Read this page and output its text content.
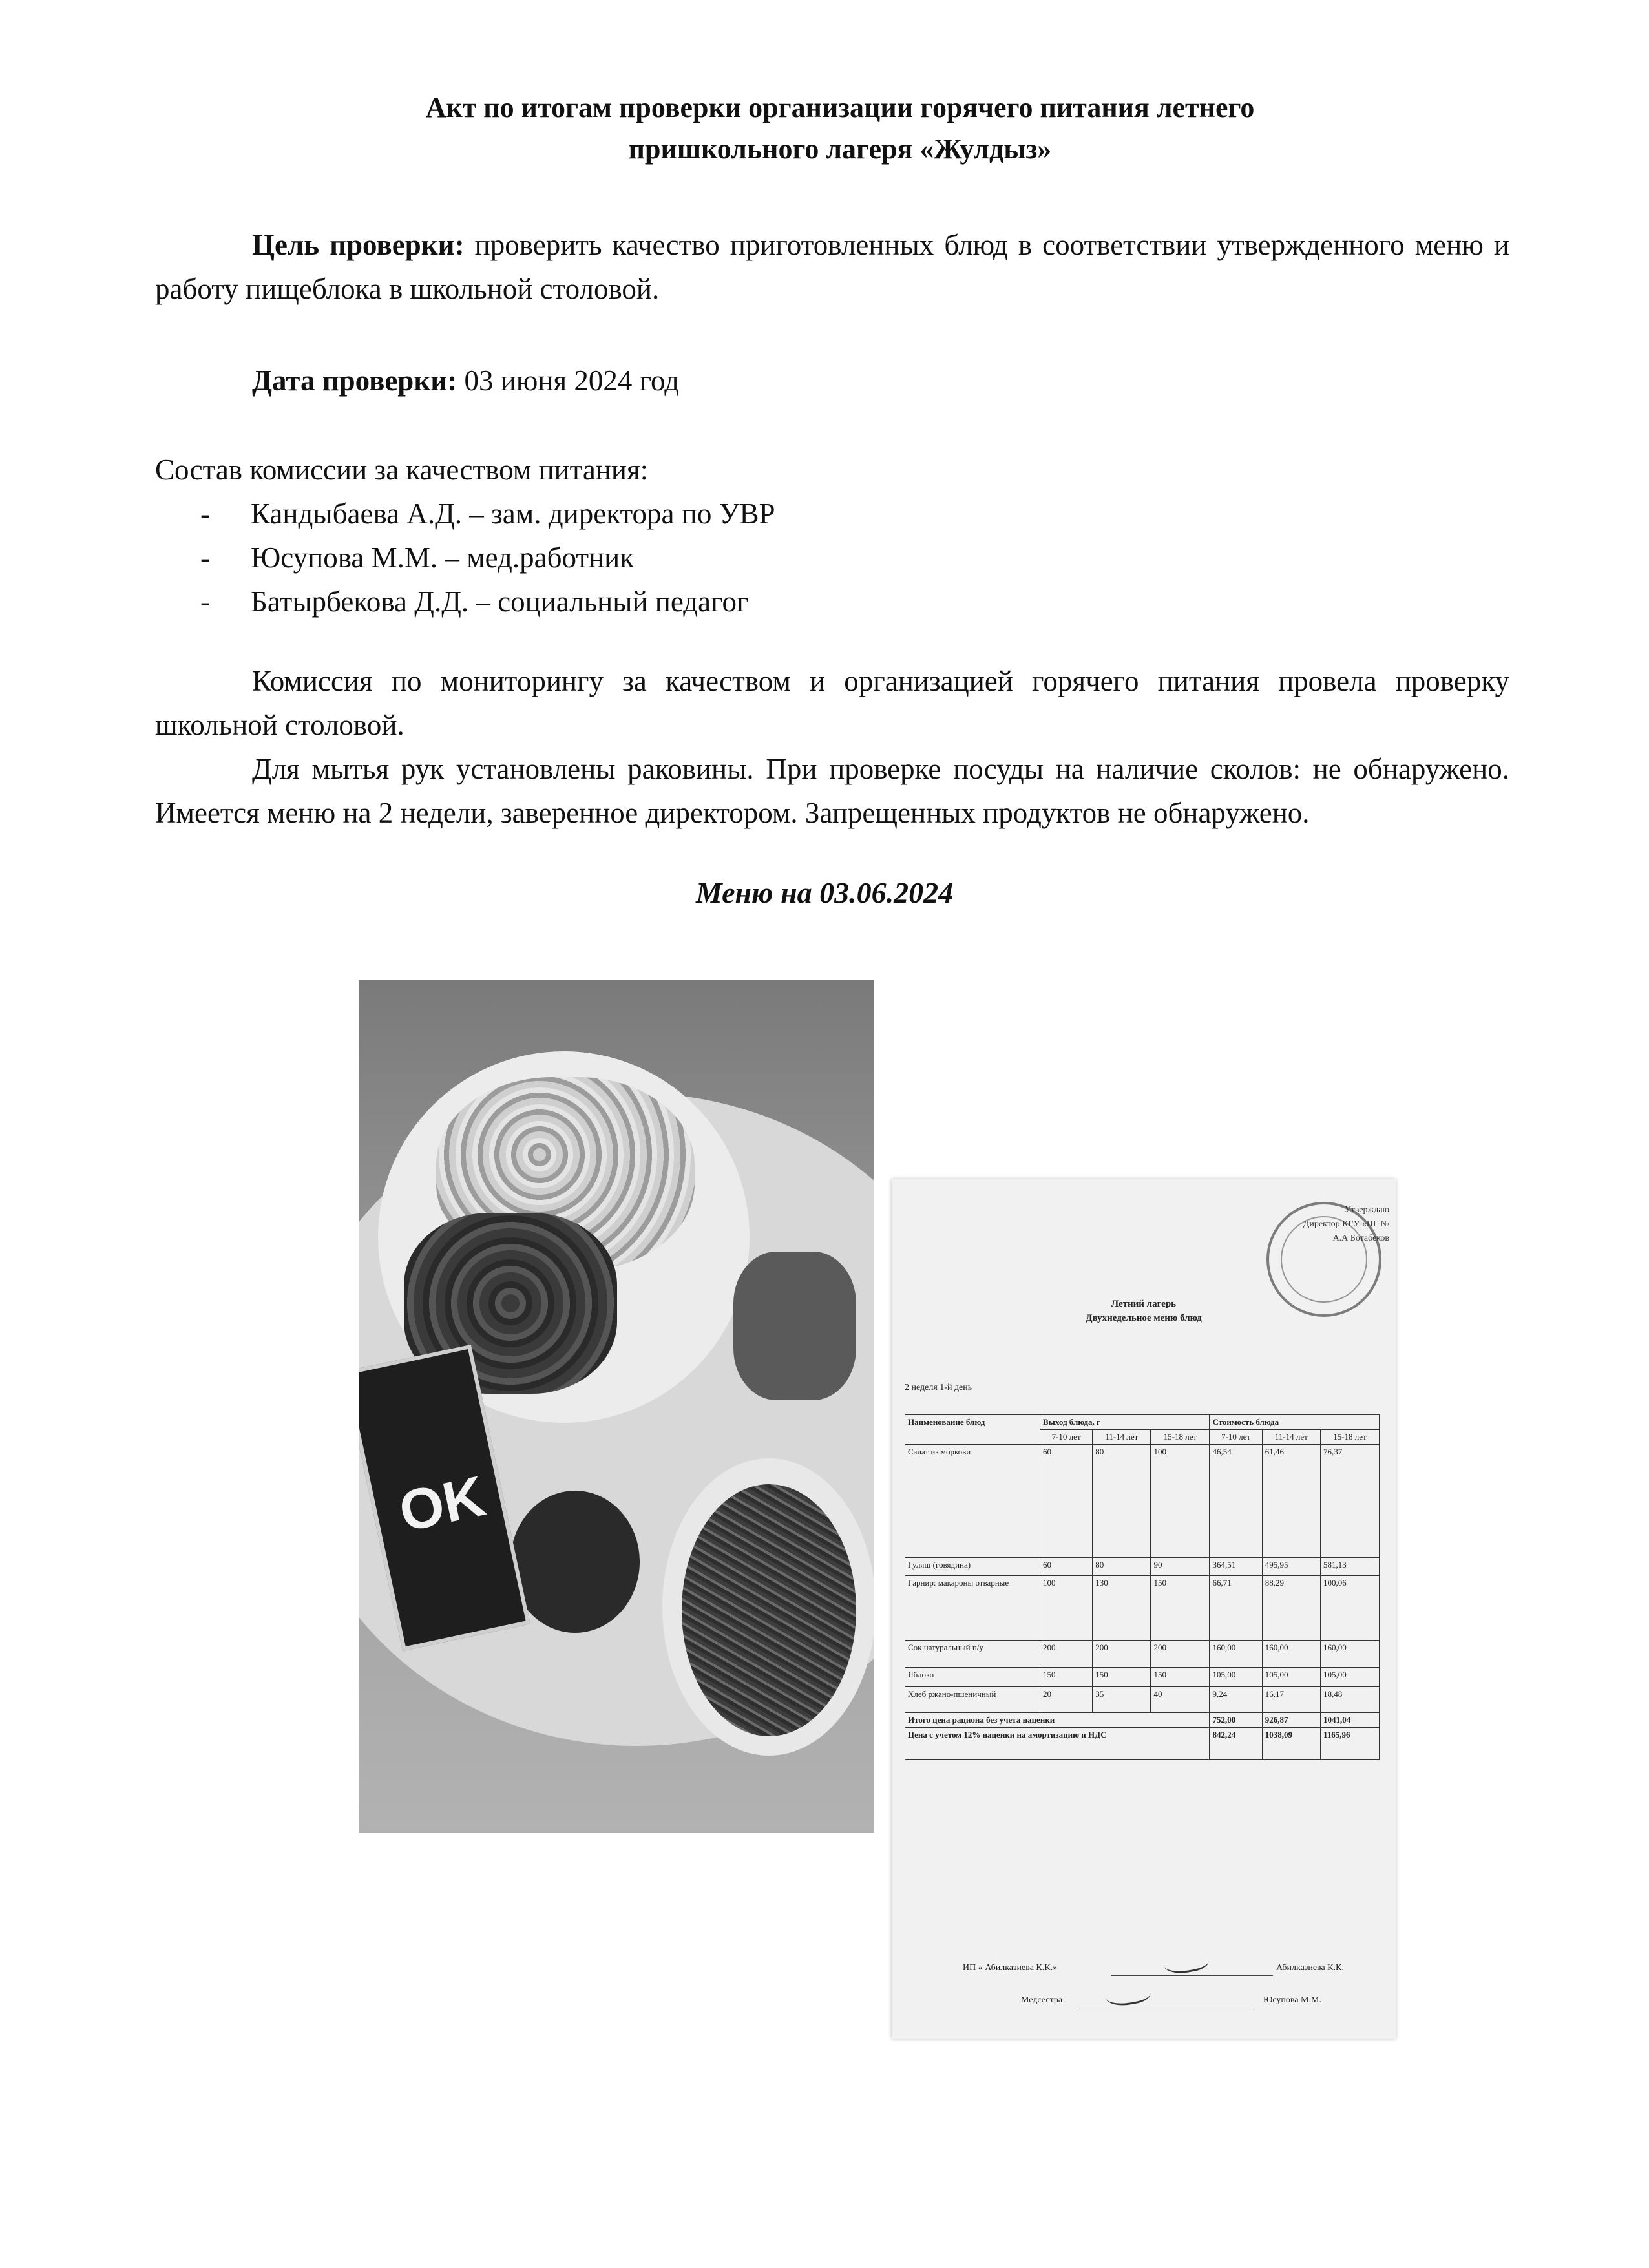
Акт по итогам проверки организации горячего питания летнего
пришкольного лагеря «Жулдыз»
Цель проверки: проверить качество приготовленных блюд в соответствии утвержденного меню и работу пищеблока в школьной столовой.
Дата проверки: 03 июня 2024 год
Состав комиссии за качеством питания:
- Кандыбаева А.Д. – зам. директора по УВР
- Юсупова М.М. – мед.работник
- Батырбекова Д.Д. – социальный педагог
Комиссия по мониторингу за качеством и организацией горячего питания провела проверку школьной столовой.
Для мытья рук установлены раковины. При проверке посуды на наличие сколов: не обнаружено. Имеется меню на 2 недели, заверенное директором. Запрещенных продуктов не обнаружено.
Меню на 03.06.2024
OK
Утверждаю
Директор КГУ «ПГ №
А.А Ботабеков
Летний лагерь
Двухнедельное меню блюд
2 неделя 1-й день
Наименование блюд	Выход блюда, г			Стоимость блюда		
	7-10 лет	11-14 лет	15-18 лет	7-10 лет	11-14 лет	15-18 лет
Салат из моркови	60	80	100	46,54	61,46	76,37
Гуляш (говядина)	60	80	90	364,51	495,95	581,13
Гарнир: макароны отварные	100	130	150	66,71	88,29	100,06
Сок натуральный п/у	200	200	200	160,00	160,00	160,00
Яблоко	150	150	150	105,00	105,00	105,00
Хлеб ржано-пшеничный	20	35	40	9,24	16,17	18,48
Итого цена рациона без учета наценки				752,00	926,87	1041,04
Цена с учетом 12% наценки на амортизацию и НДС				842,24	1038,09	1165,96
ИП « Абилказиева К.К.»	Абилказиева К.К.
Медсестра	Юсупова М.М.
